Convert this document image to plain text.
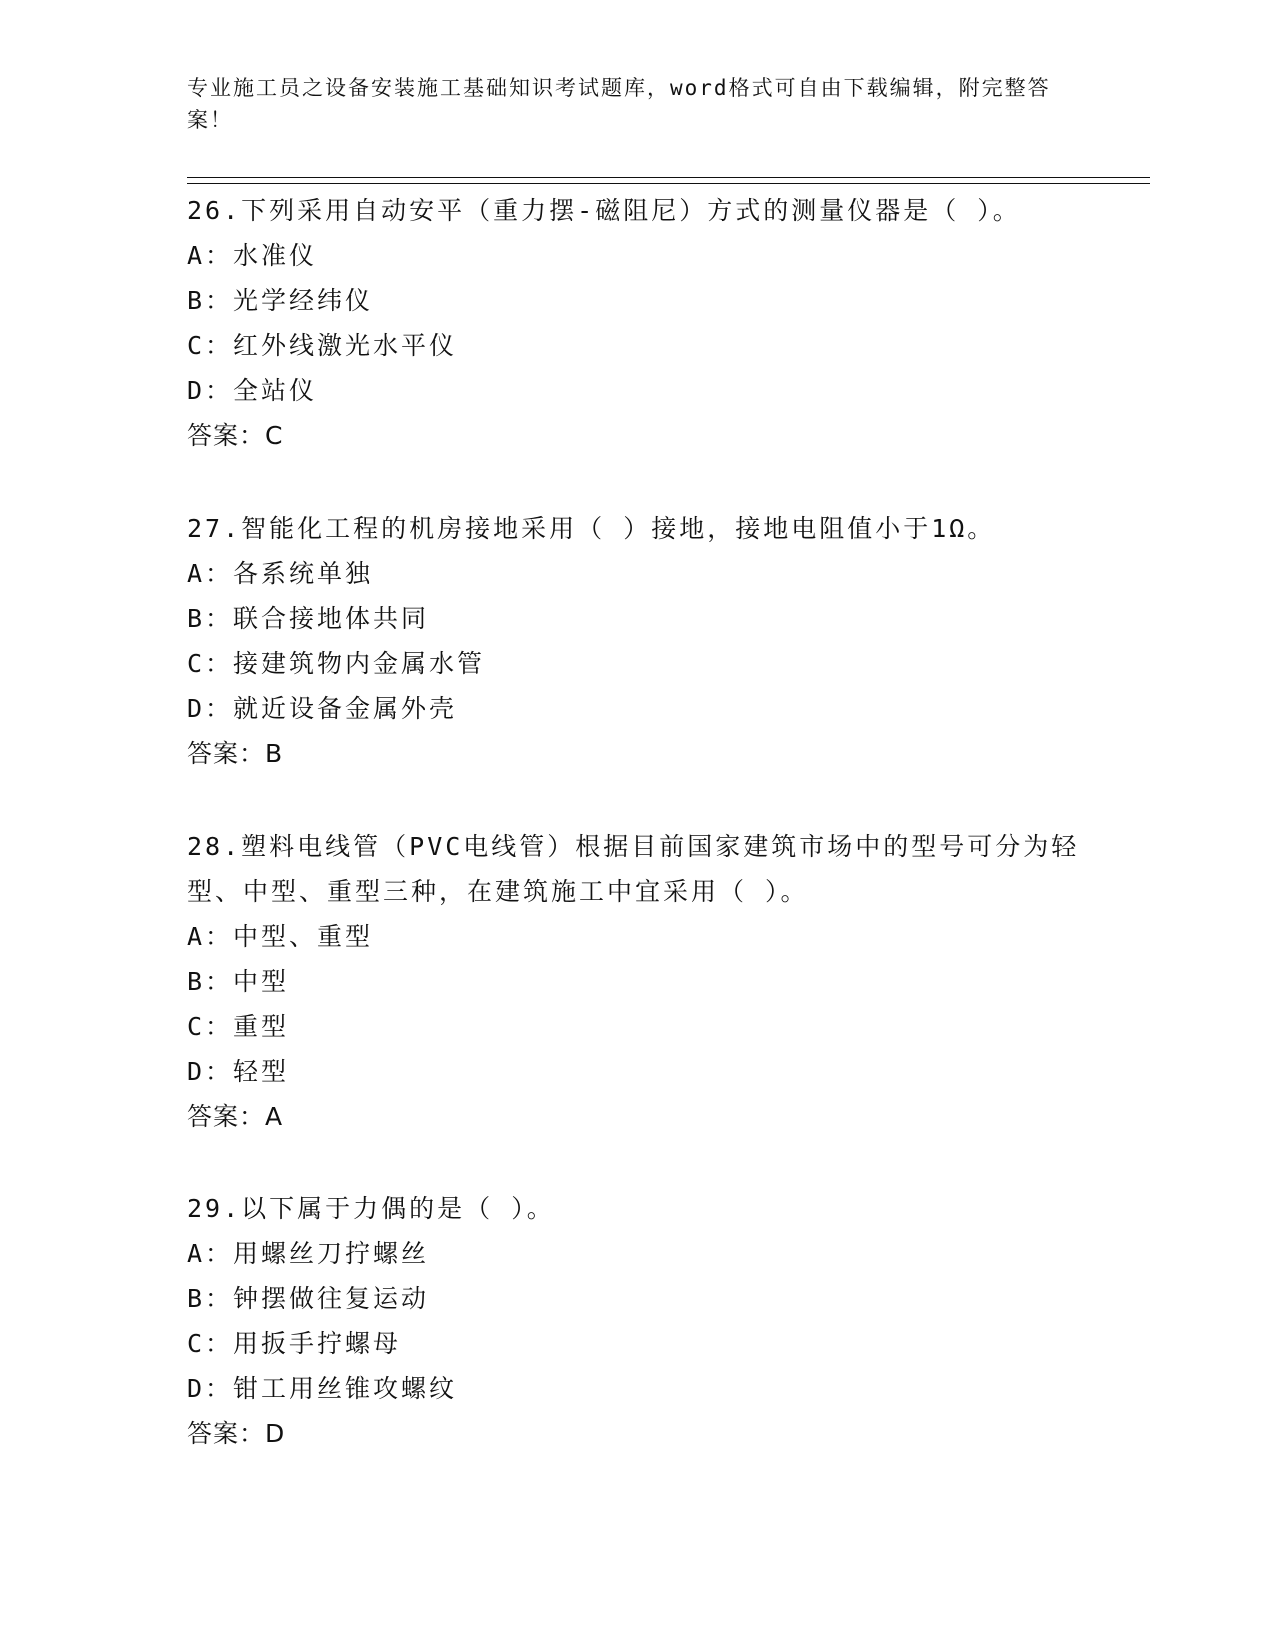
专业施工员之设备安装施工基础知识考试题库，word格式可自由下载编辑，附完整答案！

26.下列采用自动安平（重力摆-磁阻尼）方式的测量仪器是（ ）。

A：水准仪

B：光学经纬仪

C：红外线激光水平仪

D：全站仪

答案：C

27.智能化工程的机房接地采用（ ）接地，接地电阻值小于1Ω。

A：各系统单独

B：联合接地体共同

C：接建筑物内金属水管

D：就近设备金属外壳

答案：B

28.塑料电线管（PVC电线管）根据目前国家建筑市场中的型号可分为轻型、中型、重型三种，在建筑施工中宜采用（ ）。

A：中型、重型

B：中型

C：重型

D：轻型

答案：A

29.以下属于力偶的是（ ）。

A：用螺丝刀拧螺丝

B：钟摆做往复运动

C：用扳手拧螺母

D：钳工用丝锥攻螺纹

答案：D
